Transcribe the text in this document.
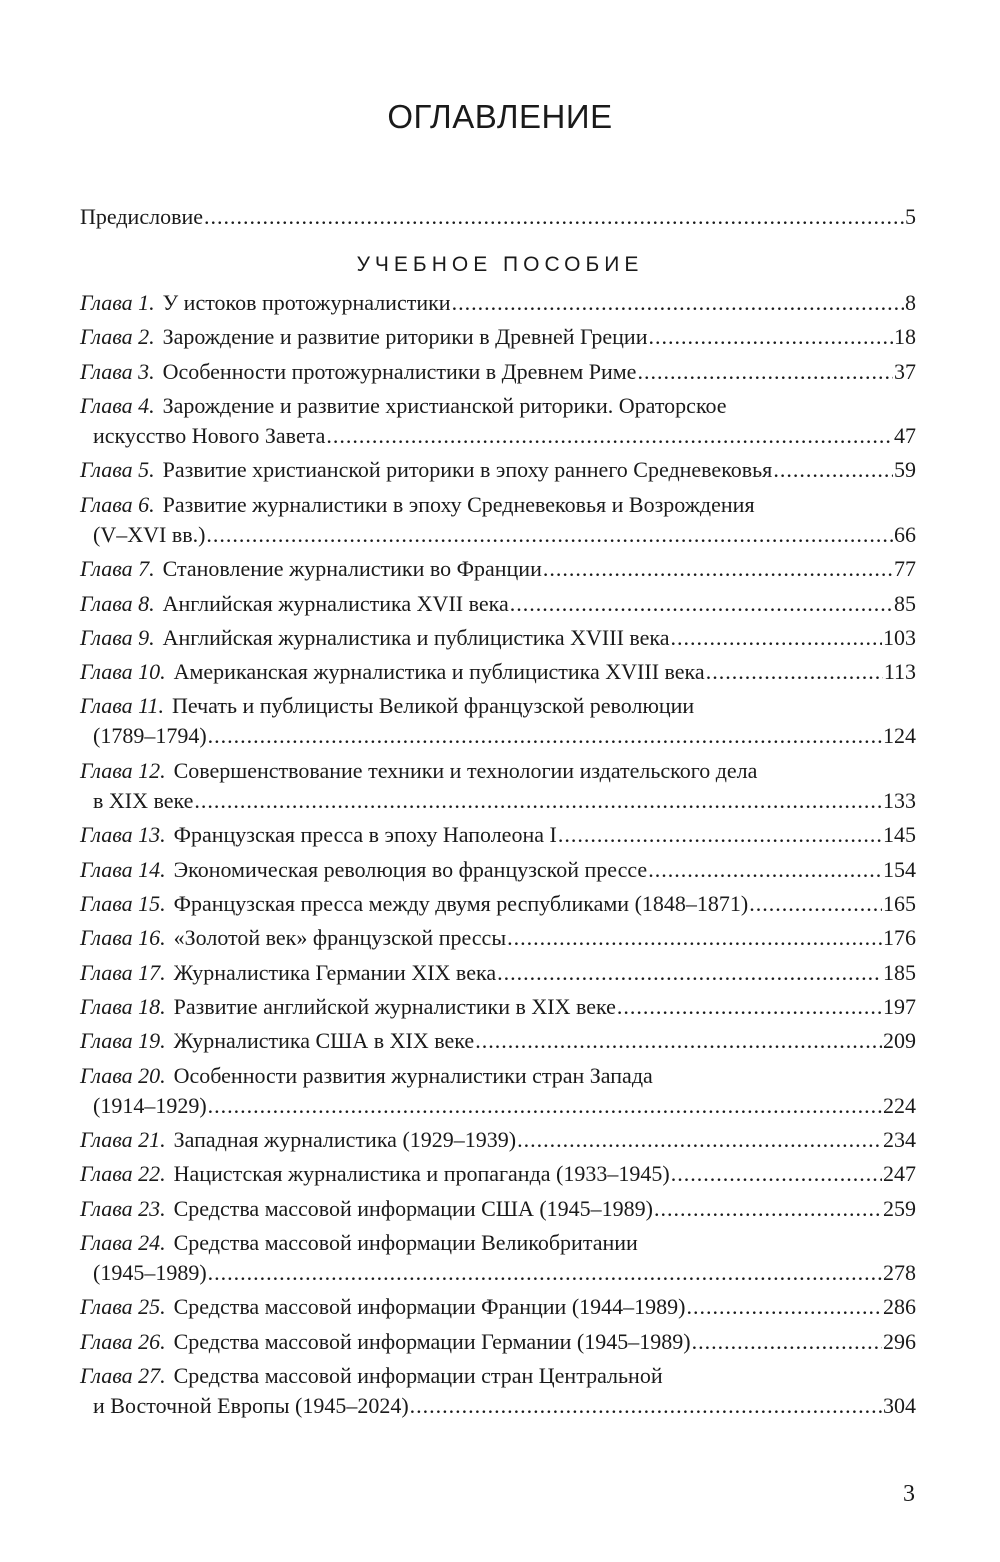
ОГЛАВЛЕНИЕ
Предисловие .....	5
Глава 1. У истоков протожурналистики .....	8
Глава 2. Зарождение и развитие риторики в Древней Греции .....	18
Глава 3. Особенности протожурналистики в Древнем Риме .....	37
Глава 4. Зарождение и развитие христианской риторики. Ораторское
искусство Нового Завета .....	47
Глава 5. Развитие христианской риторики в эпоху раннего Средневековья .....	59
Глава 6. Развитие журналистики в эпоху Средневековья и Возрождения
(V–XVI вв.) .....	66
Глава 7. Становление журналистики во Франции .....	77
Глава 8. Английская журналистика XVII века .....	85
Глава 9. Английская журналистика и публицистика XVIII века .....	103
Глава 10. Американская журналистика и публицистика XVIII века .....	113
Глава 11. Печать и публицисты Великой французской революции
(1789–1794) .....	124
Глава 12. Совершенствование техники и технологии издательского дела
в XIX веке .....	133
Глава 13. Французская пресса в эпоху Наполеона I .....	145
Глава 14. Экономическая революция во французской прессе .....	154
Глава 15. Французская пресса между двумя республиками (1848–1871) .....	165
Глава 16. «Золотой век» французской прессы .....	176
Глава 17. Журналистика Германии XIX века .....	185
Глава 18. Развитие английской журналистики в XIX веке .....	197
Глава 19. Журналистика США в XIX веке .....	209
Глава 20. Особенности развития журналистики стран Запада
(1914–1929) .....	224
Глава 21. Западная журналистика (1929–1939) .....	234
Глава 22. Нацистская журналистика и пропаганда (1933–1945) .....	247
Глава 23. Средства массовой информации США (1945–1989) .....	259
Глава 24. Средства массовой информации Великобритании
(1945–1989) .....	278
Глава 25. Средства массовой информации Франции (1944–1989) .....	286
Глава 26. Средства массовой информации Германии (1945–1989) .....	296
Глава 27. Средства массовой информации стран Центральной
и Восточной Европы (1945–2024) .....	304
УЧЕБНОЕ ПОСОБИЕ
3
